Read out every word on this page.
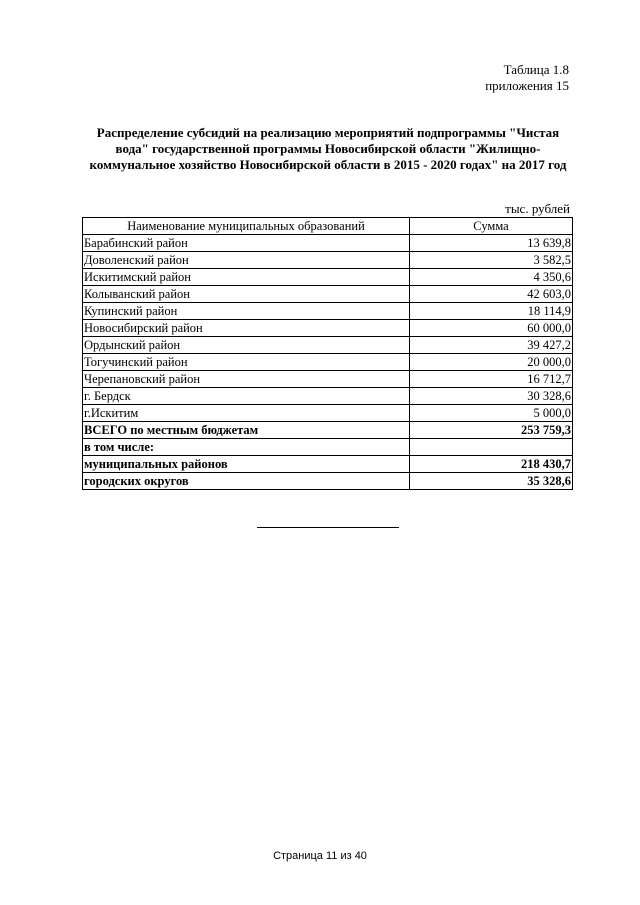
Таблица 1.8
приложения 15
Распределение субсидий на реализацию мероприятий подпрограммы "Чистая
вода" государственной программы Новосибирской области "Жилищно-
коммунальное хозяйство Новосибирской области в 2015 - 2020 годах" на 2017 год
тыс. рублей
Наименование муниципальных образований	Сумма
Барабинский район	13 639,8
Доволенский район	3 582,5
Искитимский район	4 350,6
Колыванский район	42 603,0
Купинский район	18 114,9
Новосибирский район	60 000,0
Ордынский район	39 427,2
Тогучинский район	20 000,0
Черепановский район	16 712,7
г. Бердск	30 328,6
г.Искитим	5 000,0
ВСЕГО по местным бюджетам	253 759,3
в том числе:	
муниципальных районов	218 430,7
городских округов	35 328,6
Страница 11 из 40
